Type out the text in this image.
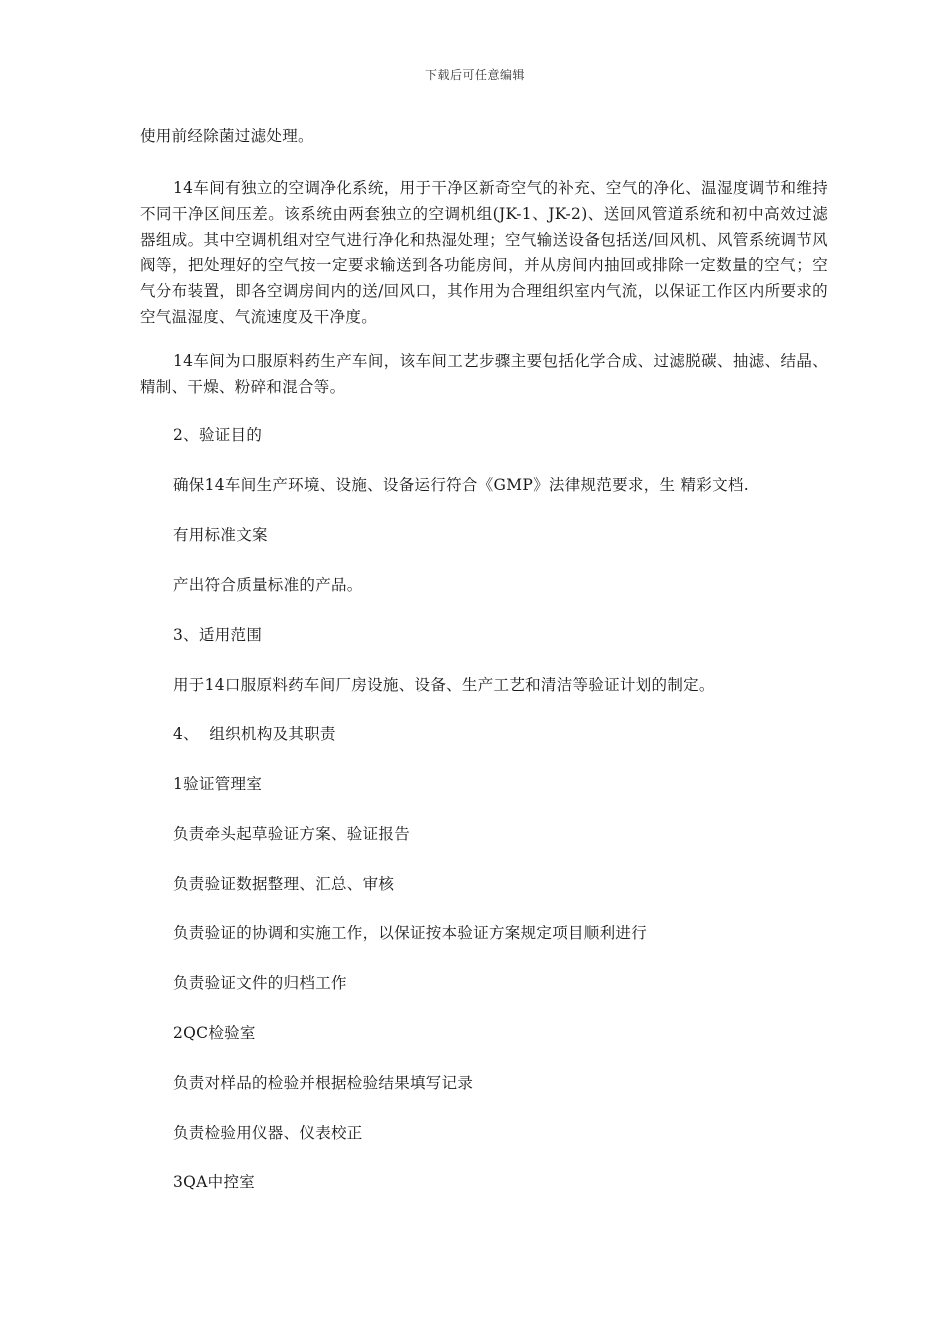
下载后可任意编辑
使用前经除菌过滤处理。
14车间有独立的空调净化系统，用于干净区新奇空气的补充、空气的净化、温湿度调节和维持不同干净区间压差。该系统由两套独立的空调机组(JK-1、JK-2)、送回风管道系统和初中高效过滤器组成。其中空调机组对空气进行净化和热湿处理；空气输送设备包括送/回风机、风管系统调节风阀等，把处理好的空气按一定要求输送到各功能房间，并从房间内抽回或排除一定数量的空气；空气分布装置，即各空调房间内的送/回风口，其作用为合理组织室内气流，以保证工作区内所要求的空气温湿度、气流速度及干净度。
14车间为口服原料药生产车间，该车间工艺步骤主要包括化学合成、过滤脱碳、抽滤、结晶、精制、干燥、粉碎和混合等。
2、验证目的
确保14车间生产环境、设施、设备运行符合《GMP》法律规范要求，生 精彩文档.
有用标准文案
产出符合质量标准的产品。
3、适用范围
用于14口服原料药车间厂房设施、设备、生产工艺和清洁等验证计划的制定。
4、  组织机构及其职责
1验证管理室
负责牵头起草验证方案、验证报告
负责验证数据整理、汇总、审核
负责验证的协调和实施工作，以保证按本验证方案规定项目顺利进行
负责验证文件的归档工作
2QC检验室
负责对样品的检验并根据检验结果填写记录
负责检验用仪器、仪表校正
3QA中控室
